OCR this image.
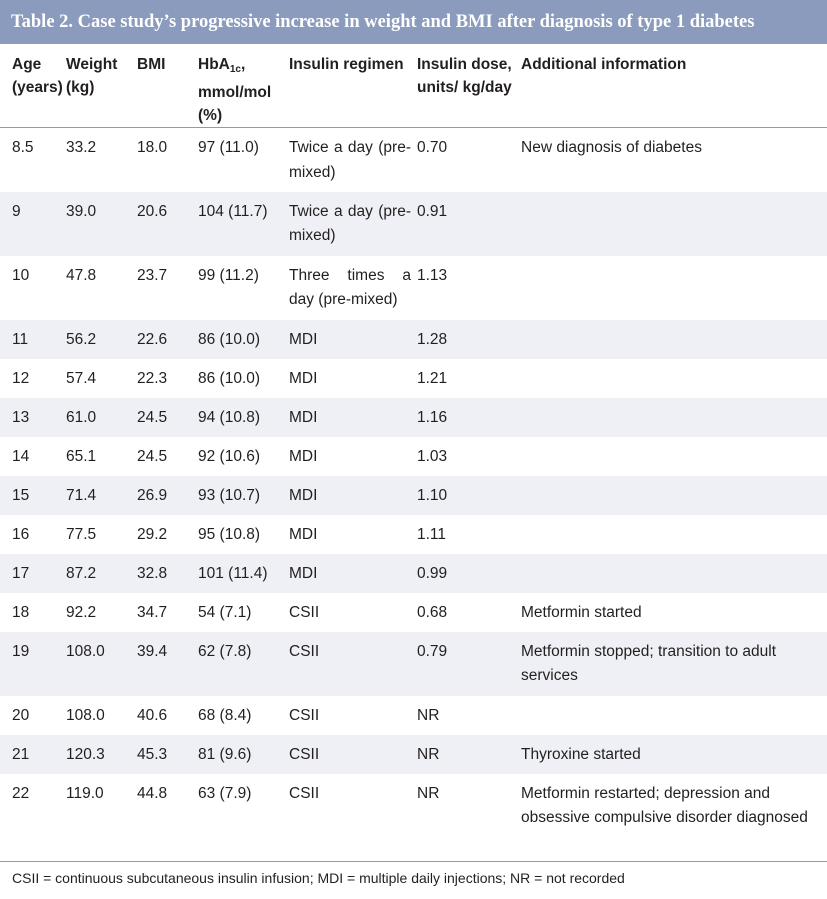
Table 2. Case study’s progressive increase in weight and BMI after diagnosis of type 1 diabetes
Age (years)	Weight (kg)	BMI	HbA1c, mmol/mol (%)	Insulin regimen	Insulin dose, units/ kg/day	Additional information
8.5	33.2	18.0	97 (11.0)	Twice a day (pre-mixed)	0.70	New diagnosis of diabetes
9	39.0	20.6	104 (11.7)	Twice a day (pre-mixed)	0.91	
10	47.8	23.7	99 (11.2)	Three times a day (pre-mixed)	1.13	
11	56.2	22.6	86 (10.0)	MDI	1.28	
12	57.4	22.3	86 (10.0)	MDI	1.21	
13	61.0	24.5	94 (10.8)	MDI	1.16	
14	65.1	24.5	92 (10.6)	MDI	1.03	
15	71.4	26.9	93 (10.7)	MDI	1.10	
16	77.5	29.2	95 (10.8)	MDI	1.11	
17	87.2	32.8	101 (11.4)	MDI	0.99	
18	92.2	34.7	54 (7.1)	CSII	0.68	Metformin started
19	108.0	39.4	62 (7.8)	CSII	0.79	Metformin stopped; transition to adult services
20	108.0	40.6	68 (8.4)	CSII	NR	
21	120.3	45.3	81 (9.6)	CSII	NR	Thyroxine started
22	119.0	44.8	63 (7.9)	CSII	NR	Metformin restarted; depression and obsessive compulsive disorder diagnosed
CSII = continuous subcutaneous insulin infusion; MDI = multiple daily injections; NR = not recorded
